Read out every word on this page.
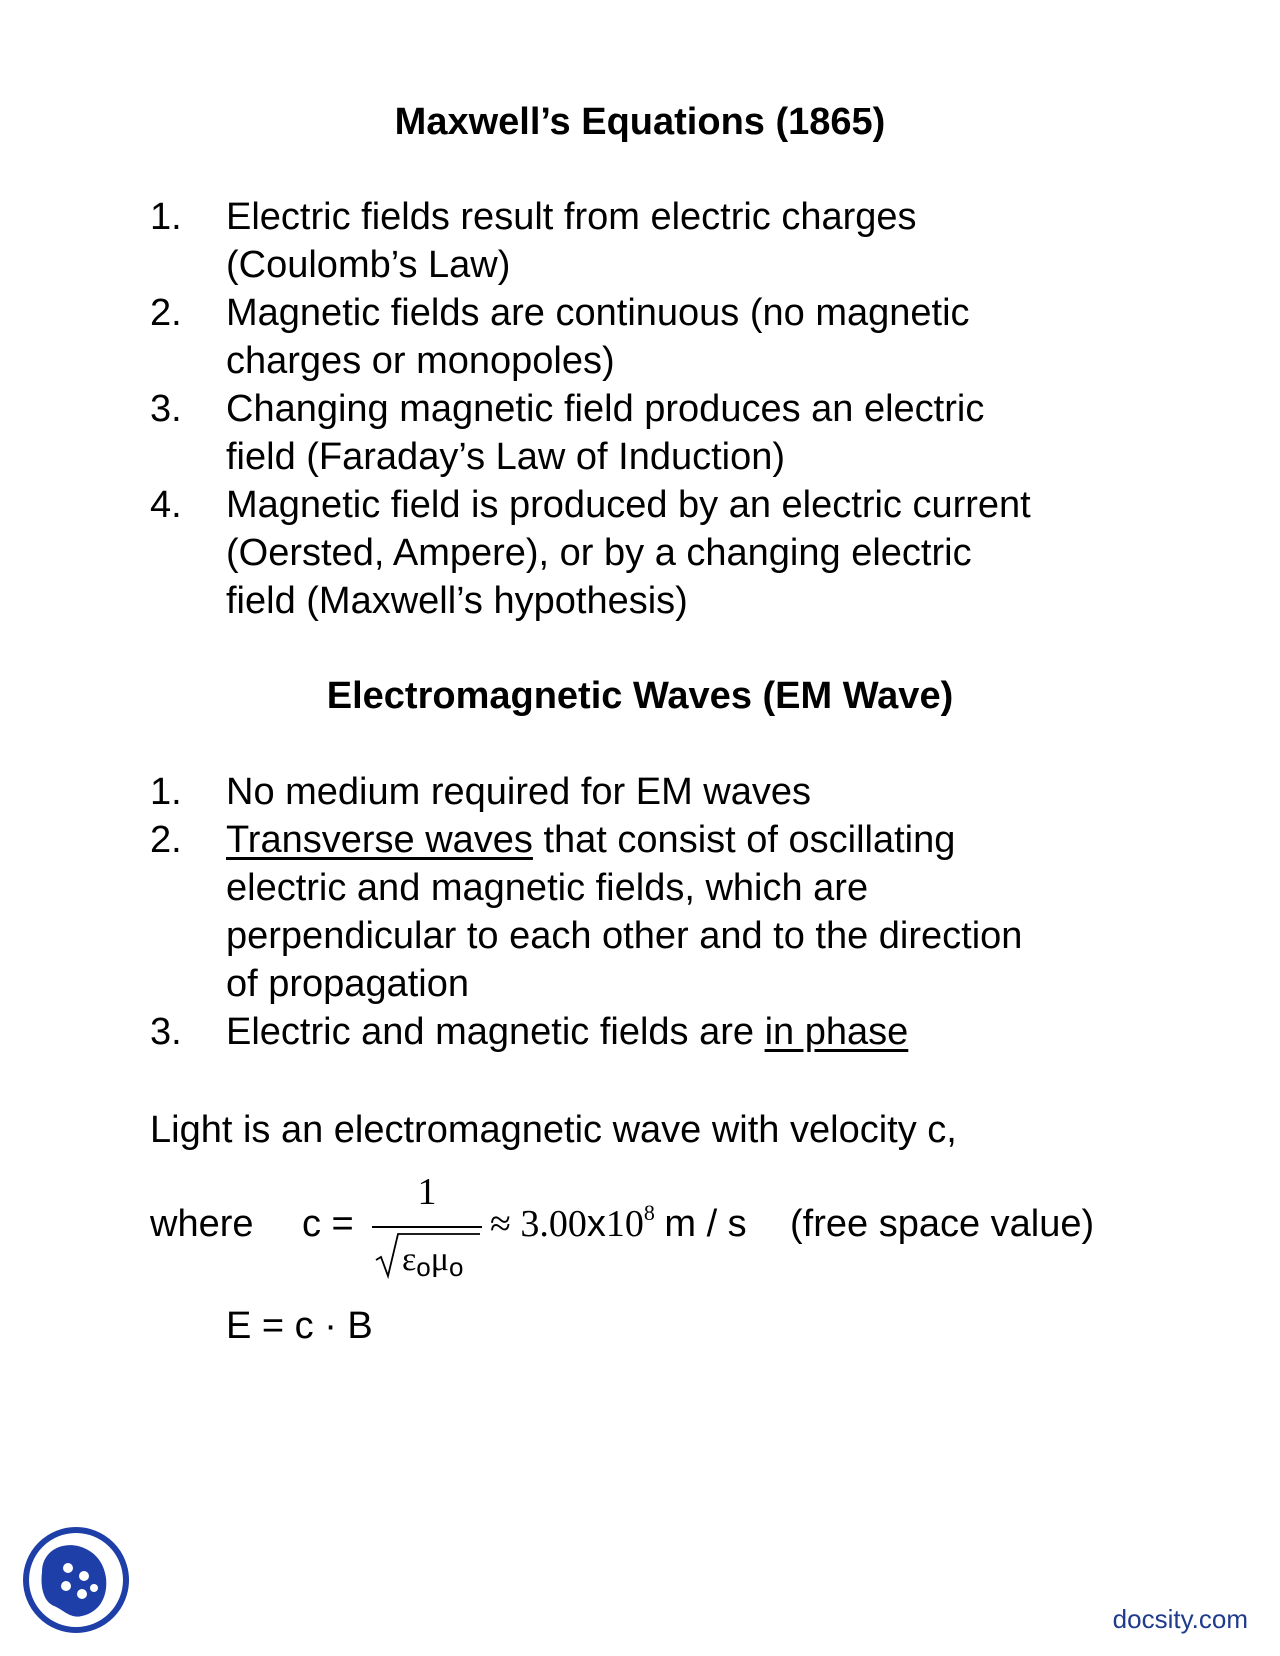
Maxwell’s Equations (1865)
1. Electric fields result from electric charges
(Coulomb’s Law)
2. Magnetic fields are continuous (no magnetic
charges or monopoles)
3. Changing magnetic field produces an electric
field (Faraday’s Law of Induction)
4. Magnetic field is produced by an electric current
(Oersted, Ampere), or by a changing electric
field (Maxwell’s hypothesis)
Electromagnetic Waves (EM Wave)
1. No medium required for EM waves
2. Transverse waves that consist of oscillating
electric and magnetic fields, which are
perpendicular to each other and to the direction
of propagation
3. Electric and magnetic fields are in phase

Light is an electromagnetic wave with velocity c,

where c =
1
εoμo
≈ $3.00x10^8$ m / s (free space value)
E = c · B
docsity.com
